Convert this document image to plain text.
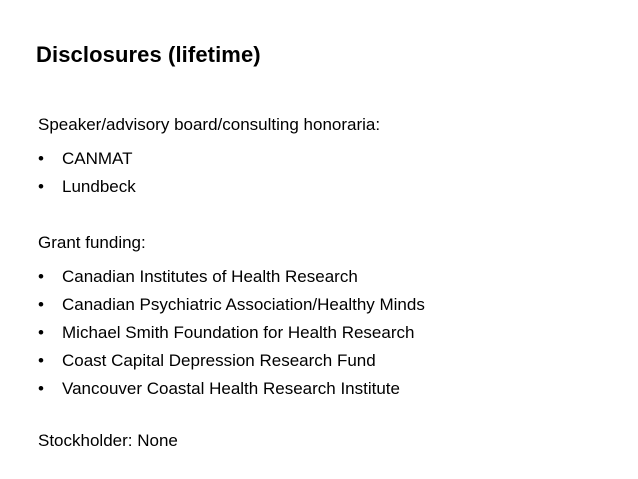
Disclosures (lifetime)

Speaker/advisory board/consulting honoraria:

• CANMAT
• Lundbeck

Grant funding:

• Canadian Institutes of Health Research
• Canadian Psychiatric Association/Healthy Minds
• Michael Smith Foundation for Health Research
• Coast Capital Depression Research Fund
• Vancouver Coastal Health Research Institute

Stockholder: None
